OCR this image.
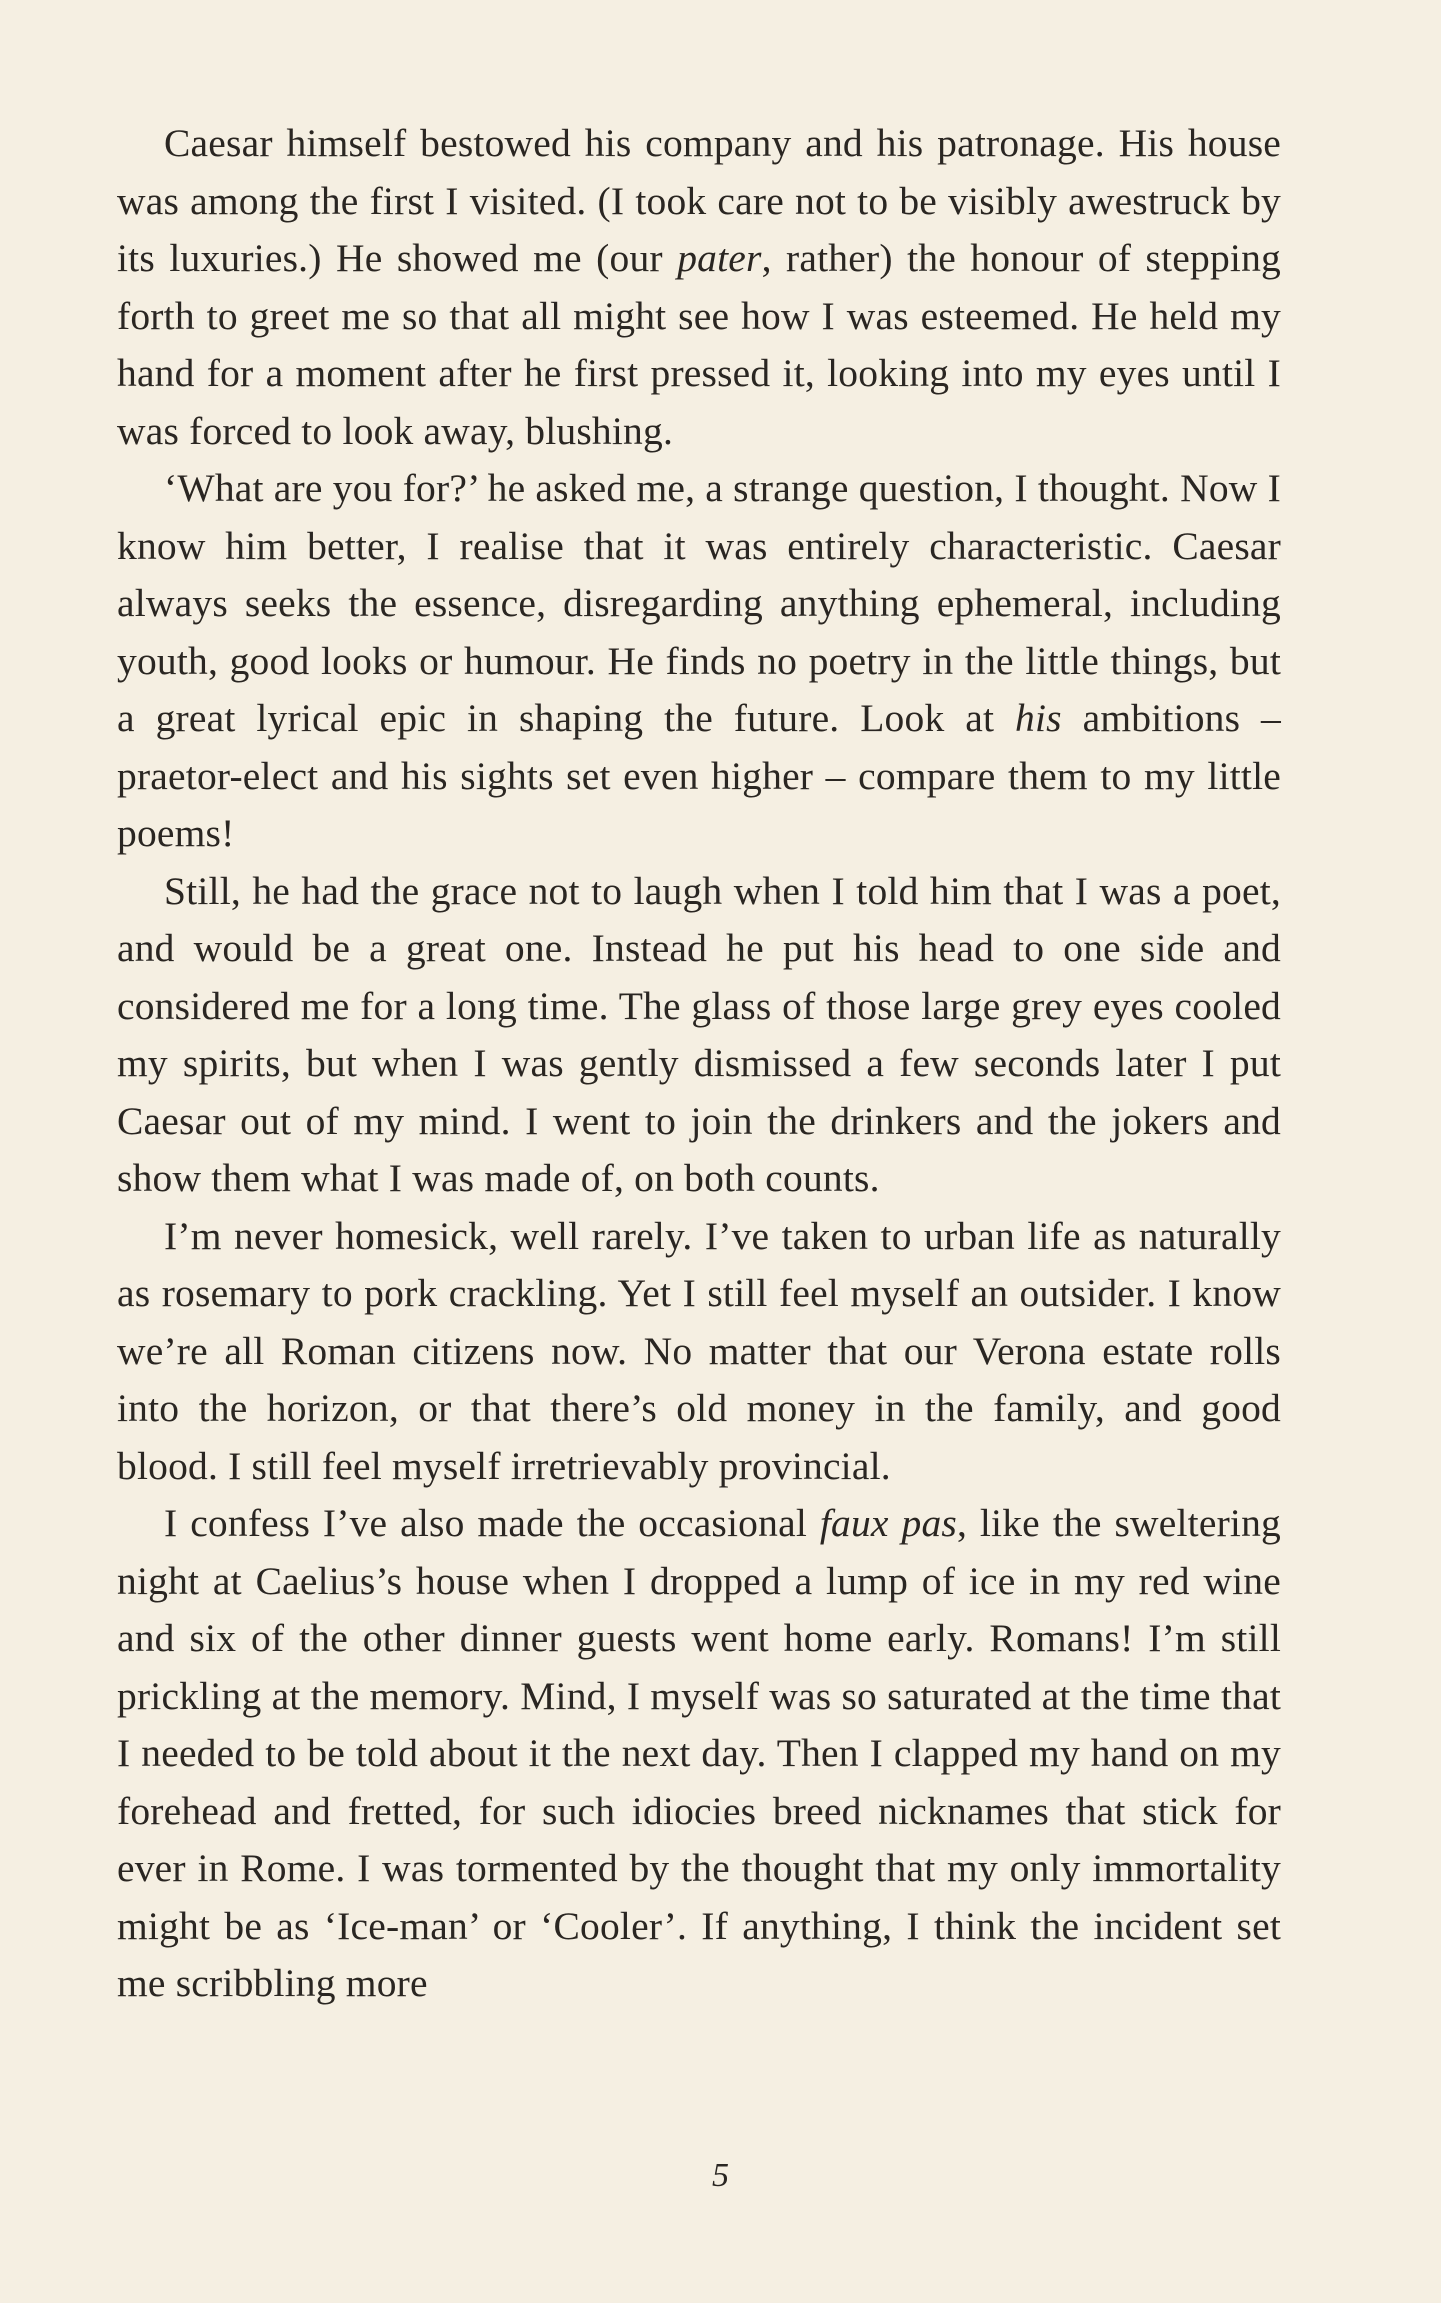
Caesar himself bestowed his company and his patronage. His house was among the first I visited. (I took care not to be visibly awestruck by its luxuries.) He showed me (our pater, rather) the honour of stepping forth to greet me so that all might see how I was esteemed. He held my hand for a moment after he first pressed it, looking into my eyes until I was forced to look away, blushing.

‘What are you for?’ he asked me, a strange question, I thought. Now I know him better, I realise that it was entirely characteristic. Caesar always seeks the essence, disregarding anything ephemeral, including youth, good looks or humour. He finds no poetry in the little things, but a great lyrical epic in shaping the future. Look at his ambitions – praetor-elect and his sights set even higher – compare them to my little poems!

Still, he had the grace not to laugh when I told him that I was a poet, and would be a great one. Instead he put his head to one side and considered me for a long time. The glass of those large grey eyes cooled my spirits, but when I was gently dismissed a few seconds later I put Caesar out of my mind. I went to join the drinkers and the jokers and show them what I was made of, on both counts.

I’m never homesick, well rarely. I’ve taken to urban life as naturally as rosemary to pork crackling. Yet I still feel myself an outsider. I know we’re all Roman citizens now. No matter that our Verona estate rolls into the horizon, or that there’s old money in the family, and good blood. I still feel myself irretrievably provincial.

I confess I’ve also made the occasional faux pas, like the sweltering night at Caelius’s house when I dropped a lump of ice in my red wine and six of the other dinner guests went home early. Romans! I’m still prickling at the memory. Mind, I myself was so saturated at the time that I needed to be told about it the next day. Then I clapped my hand on my forehead and fretted, for such idiocies breed nicknames that stick for ever in Rome. I was tormented by the thought that my only immortality might be as ‘Ice-man’ or ‘Cooler’. If anything, I think the incident set me scribbling more

5
